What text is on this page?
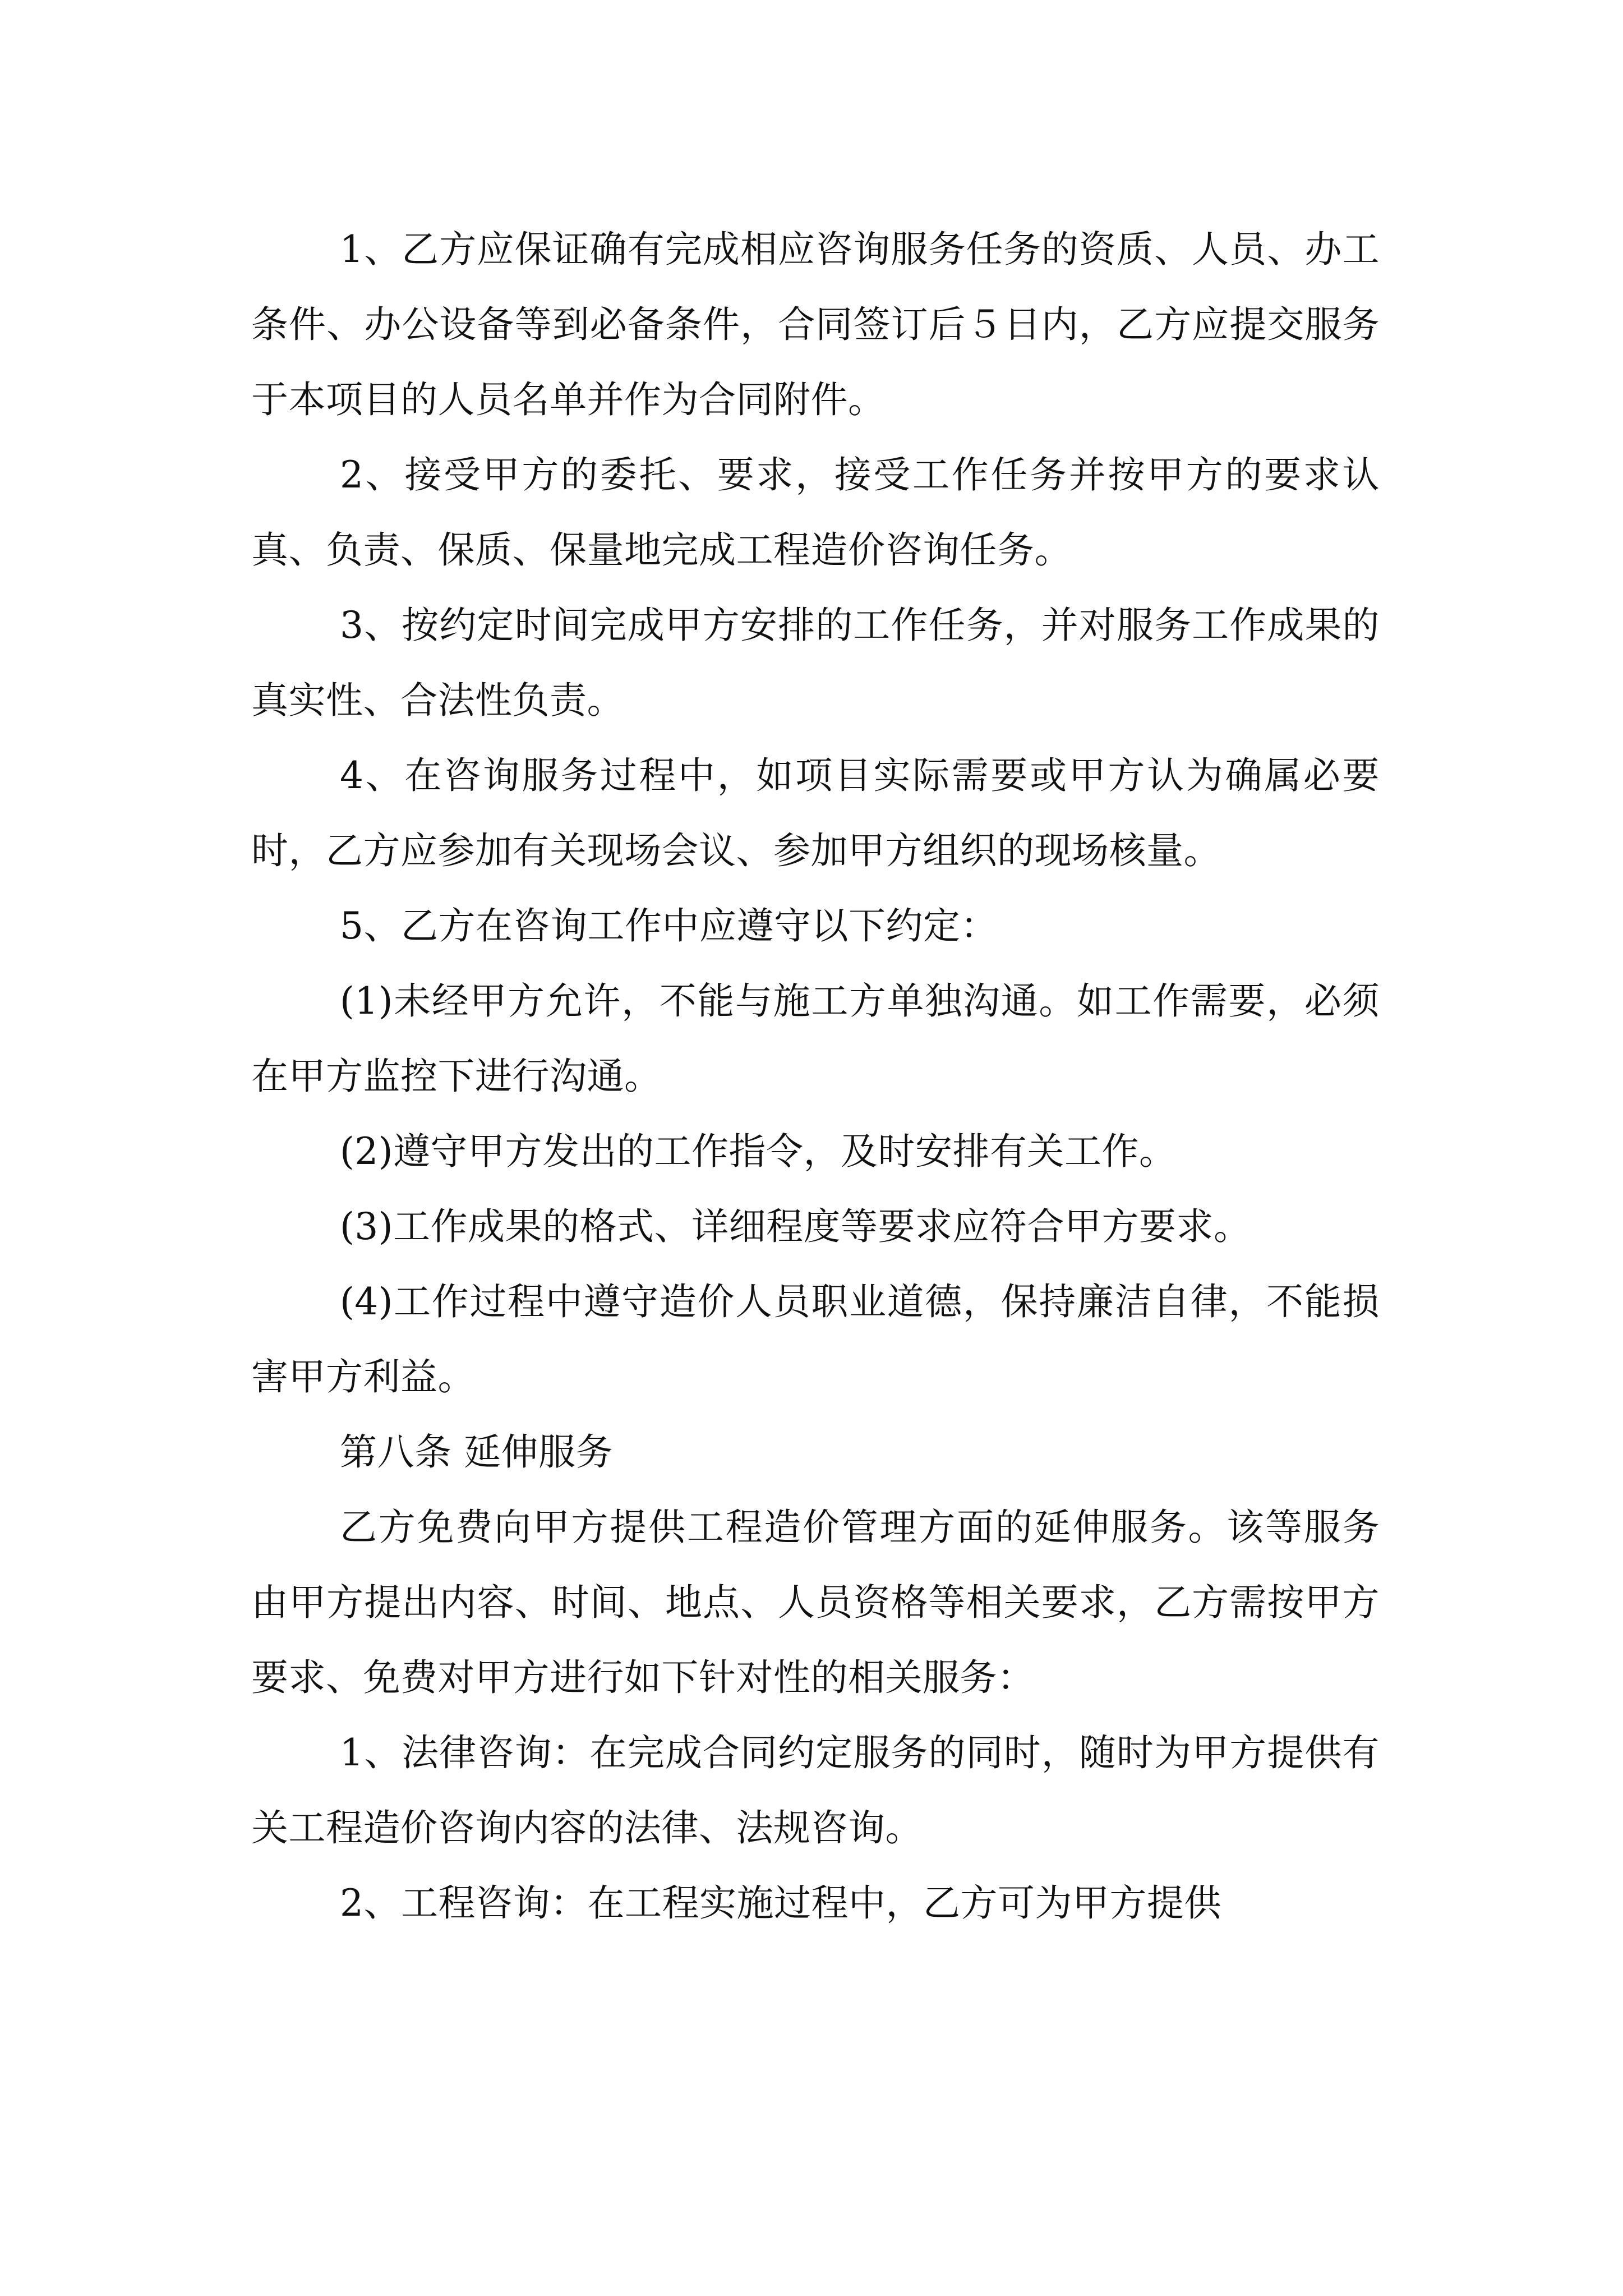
1、乙方应保证确有完成相应咨询服务任务的资质、人员、办工条件、办公设备等到必备条件，合同签订后５日内，乙方应提交服务于本项目的人员名单并作为合同附件。

2、接受甲方的委托、要求，接受工作任务并按甲方的要求认真、负责、保质、保量地完成工程造价咨询任务。

3、按约定时间完成甲方安排的工作任务，并对服务工作成果的真实性、合法性负责。

4、在咨询服务过程中，如项目实际需要或甲方认为确属必要时，乙方应参加有关现场会议、参加甲方组织的现场核量。

5、乙方在咨询工作中应遵守以下约定：

(1)未经甲方允许，不能与施工方单独沟通。如工作需要，必须在甲方监控下进行沟通。

(2)遵守甲方发出的工作指令，及时安排有关工作。

(3)工作成果的格式、详细程度等要求应符合甲方要求。

(4)工作过程中遵守造价人员职业道德，保持廉洁自律，不能损害甲方利益。

第八条 延伸服务

乙方免费向甲方提供工程造价管理方面的延伸服务。该等服务由甲方提出内容、时间、地点、人员资格等相关要求，乙方需按甲方要求、免费对甲方进行如下针对性的相关服务：

1、法律咨询：在完成合同约定服务的同时，随时为甲方提供有关工程造价咨询内容的法律、法规咨询。

2、工程咨询：在工程实施过程中，乙方可为甲方提供
